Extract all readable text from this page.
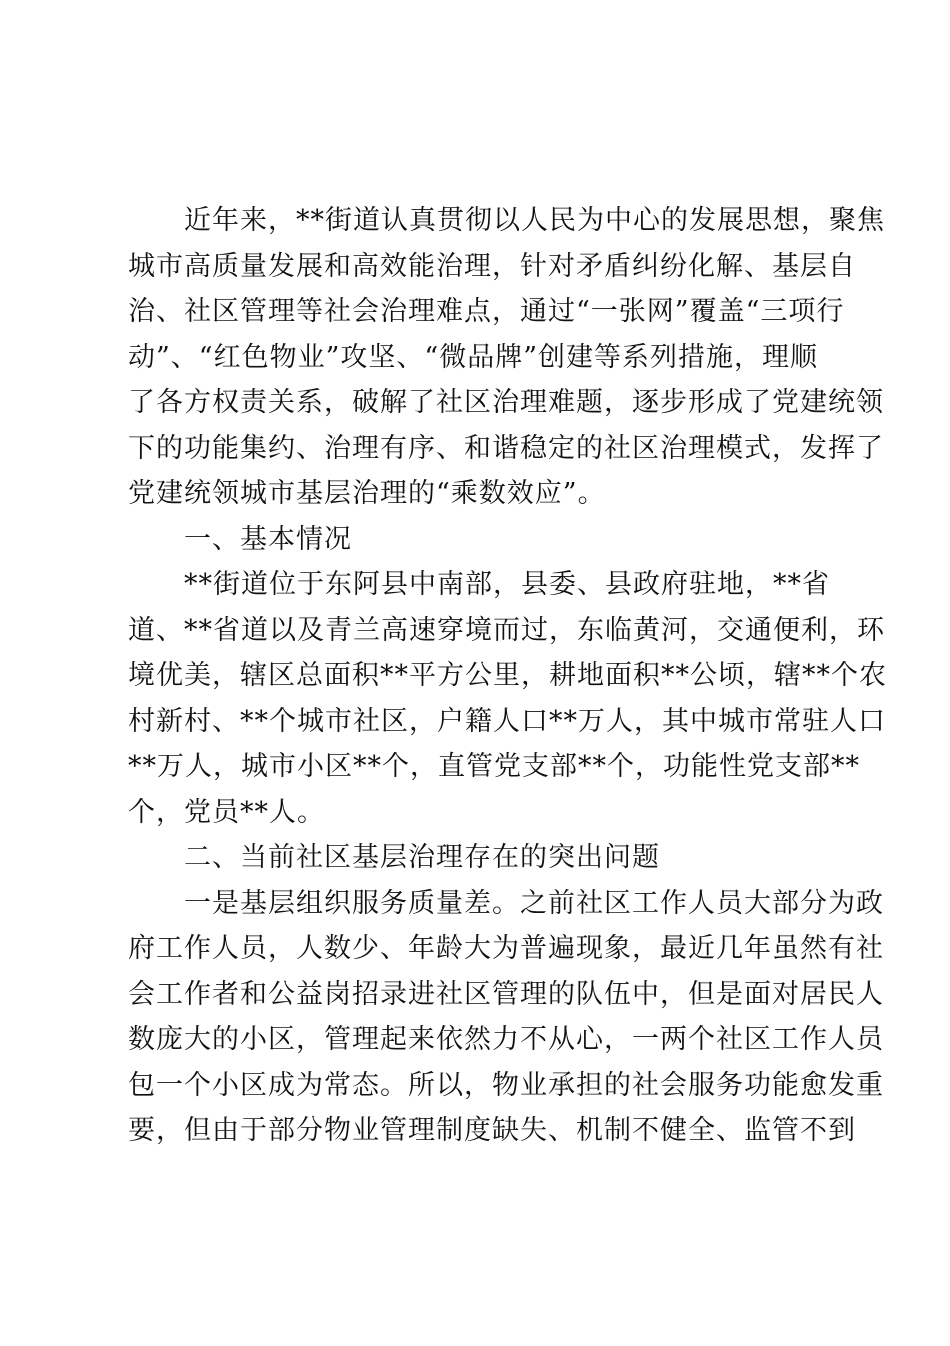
近年来，**街道认真贯彻以人民为中心的发展思想，聚焦
城市高质量发展和高效能治理，针对矛盾纠纷化解、基层自
治、社区管理等社会治理难点，通过“一张网”覆盖“三项行
动”、“红色物业”攻坚、“微品牌”创建等系列措施，理顺
了各方权责关系，破解了社区治理难题，逐步形成了党建统领
下的功能集约、治理有序、和谐稳定的社区治理模式，发挥了
党建统领城市基层治理的“乘数效应”。
一、基本情况
**街道位于东阿县中南部，县委、县政府驻地，**省
道、**省道以及青兰高速穿境而过，东临黄河，交通便利，环
境优美，辖区总面积**平方公里，耕地面积**公顷，辖**个农
村新村、**个城市社区，户籍人口**万人，其中城市常驻人口
**万人，城市小区**个，直管党支部**个，功能性党支部**
个，党员**人。
二、当前社区基层治理存在的突出问题
一是基层组织服务质量差。之前社区工作人员大部分为政
府工作人员，人数少、年龄大为普遍现象，最近几年虽然有社
会工作者和公益岗招录进社区管理的队伍中，但是面对居民人
数庞大的小区，管理起来依然力不从心，一两个社区工作人员
包一个小区成为常态。所以，物业承担的社会服务功能愈发重
要，但由于部分物业管理制度缺失、机制不健全、监管不到
